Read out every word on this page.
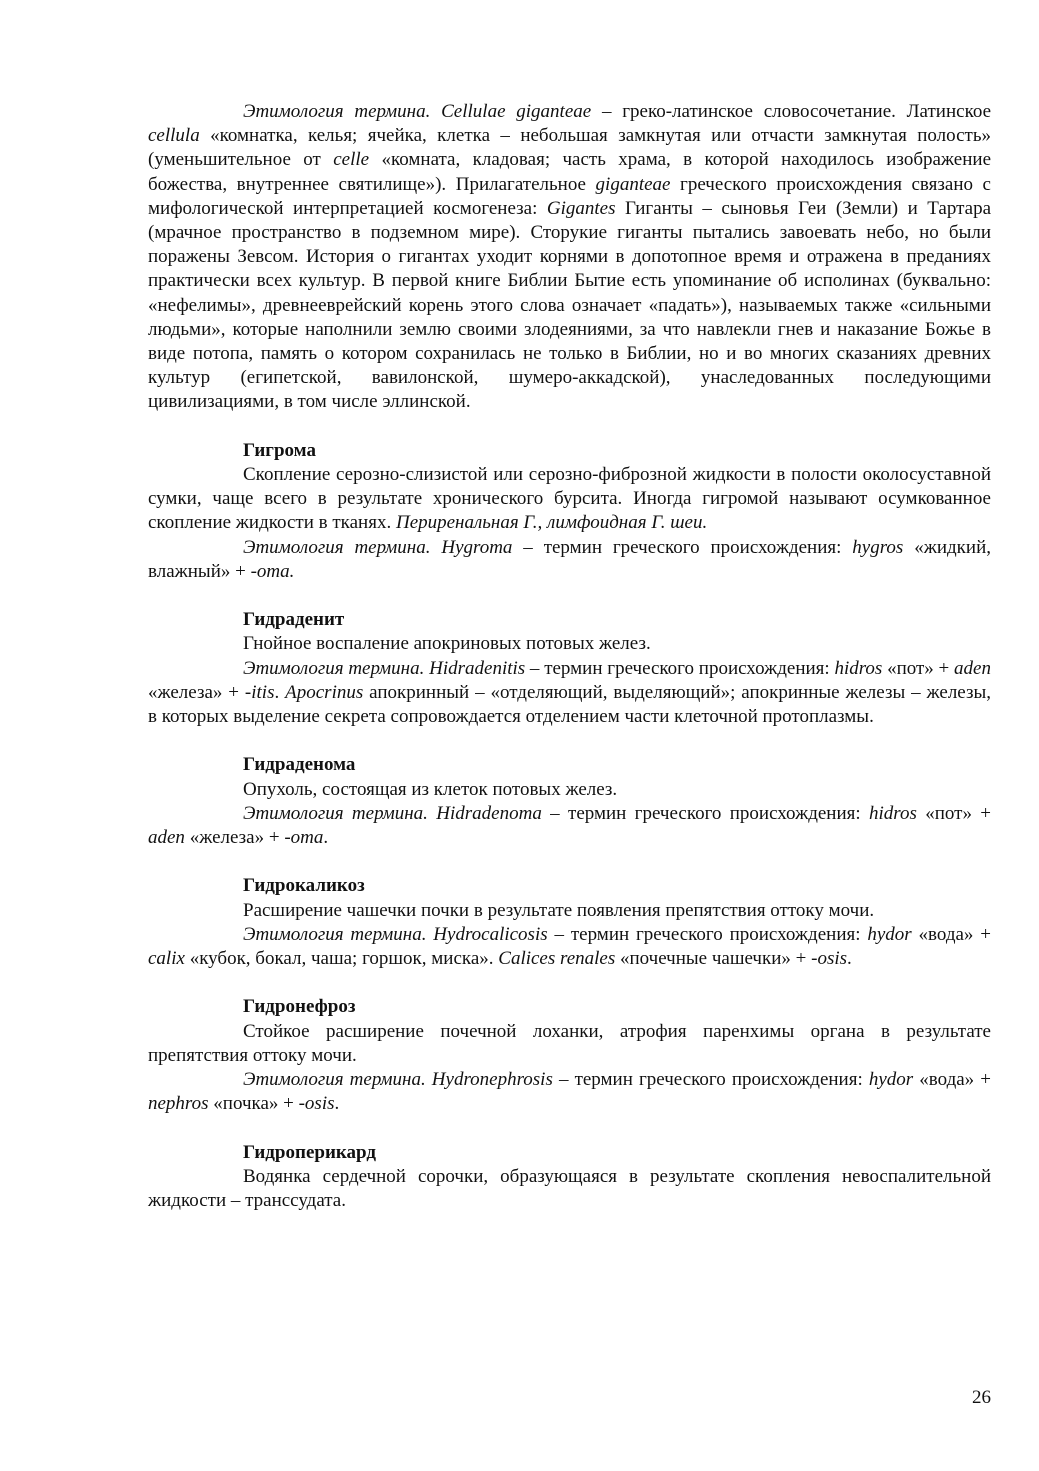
Этимология термина. Cellulae giganteae – греко-латинское словосочетание. Латинское cellula «комнатка, келья; ячейка, клетка – небольшая замкнутая или отчасти замкнутая полость» (уменьшительное от celle «комната, кладовая; часть храма, в которой находилось изображение божества, внутреннее святилище»). Прилагательное giganteae греческого происхождения связано с мифологической интерпретацией космогенеза: Gigantes Гиганты – сыновья Геи (Земли) и Тартара (мрачное пространство в подземном мире). Сторукие гиганты пытались завоевать небо, но были поражены Зевсом. История о гигантах уходит корнями в допотопное время и отражена в преданиях практически всех культур. В первой книге Библии Бытие есть упоминание об исполинах (буквально: «нефелимы», древнееврейский корень этого слова означает «падать»), называемых также «сильными людьми», которые наполнили землю своими злодеяниями, за что навлекли гнев и наказание Божье в виде потопа, память о котором сохранилась не только в Библии, но и во многих сказаниях древних культур (египетской, вавилонской, шумеро-аккадской), унаследованных последующими цивилизациями, в том числе эллинской.

Гигрома

Скопление серозно-слизистой или серозно-фиброзной жидкости в полости околосуставной сумки, чаще всего в результате хронического бурсита. Иногда гигромой называют осумкованное скопление жидкости в тканях. Периренальная Г., лимфоидная Г. шеи.

Этимология термина. Hygroma – термин греческого происхождения: hygros «жидкий, влажный» + -oma.

Гидраденит

Гнойное воспаление апокриновых потовых желез.

Этимология термина. Hidradenitis – термин греческого происхождения: hidros «пот» + aden «железа» + -itis. Apocrinus апокринный – «отделяющий, выделяющий»; апокринные железы – железы, в которых выделение секрета сопровождается отделением части клеточной протоплазмы.

Гидраденома

Опухоль, состоящая из клеток потовых желез.

Этимология термина. Hidradenoma – термин греческого происхождения: hidros «пот» + aden «железа» + -oma.

Гидрокаликоз

Расширение чашечки почки в результате появления препятствия оттоку мочи.

Этимология термина. Hydrocalicosis – термин греческого происхождения: hydor «вода» + calix «кубок, бокал, чаша; горшок, миска». Calices renales «почечные чашечки» + -osis.

Гидронефроз

Стойкое расширение почечной лоханки, атрофия паренхимы органа в результате препятствия оттоку мочи.

Этимология термина. Hydronephrosis – термин греческого происхождения: hydor «вода» + nephros «почка» + -osis.

Гидроперикард

Водянка сердечной сорочки, образующаяся в результате скопления невоспалительной жидкости – транссудата.

26
